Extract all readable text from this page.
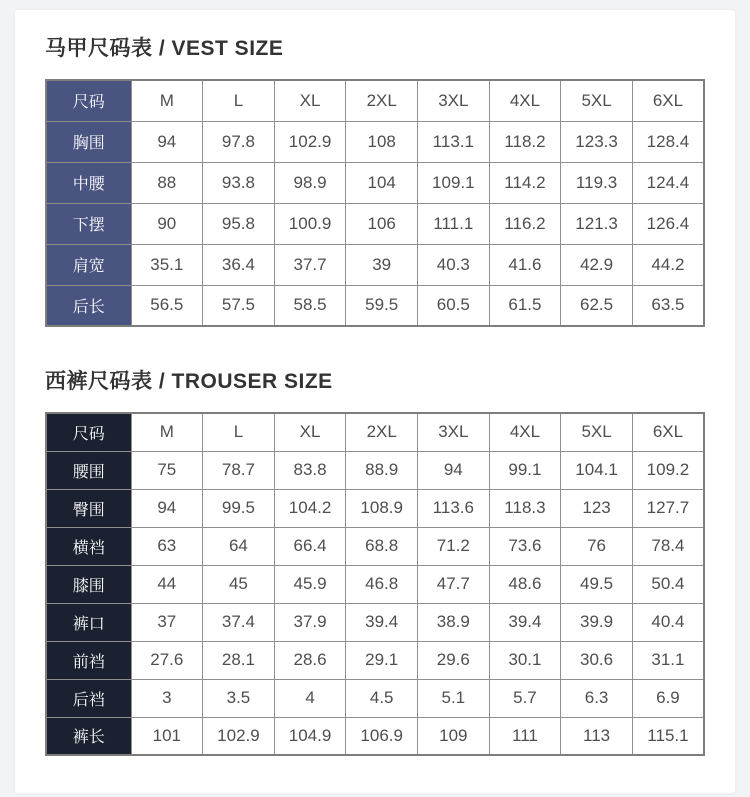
马甲尺码表 / VEST SIZE
尺码	M	L	XL	2XL	3XL	4XL	5XL	6XL
胸围	94	97.8	102.9	108	113.1	118.2	123.3	128.4
中腰	88	93.8	98.9	104	109.1	114.2	119.3	124.4
下摆	90	95.8	100.9	106	111.1	116.2	121.3	126.4
肩宽	35.1	36.4	37.7	39	40.3	41.6	42.9	44.2
后长	56.5	57.5	58.5	59.5	60.5	61.5	62.5	63.5
西裤尺码表 / TROUSER SIZE
尺码	M	L	XL	2XL	3XL	4XL	5XL	6XL
腰围	75	78.7	83.8	88.9	94	99.1	104.1	109.2
臀围	94	99.5	104.2	108.9	113.6	118.3	123	127.7
横裆	63	64	66.4	68.8	71.2	73.6	76	78.4
膝围	44	45	45.9	46.8	47.7	48.6	49.5	50.4
裤口	37	37.4	37.9	39.4	38.9	39.4	39.9	40.4
前裆	27.6	28.1	28.6	29.1	29.6	30.1	30.6	31.1
后裆	3	3.5	4	4.5	5.1	5.7	6.3	6.9
裤长	101	102.9	104.9	106.9	109	111	113	115.1
